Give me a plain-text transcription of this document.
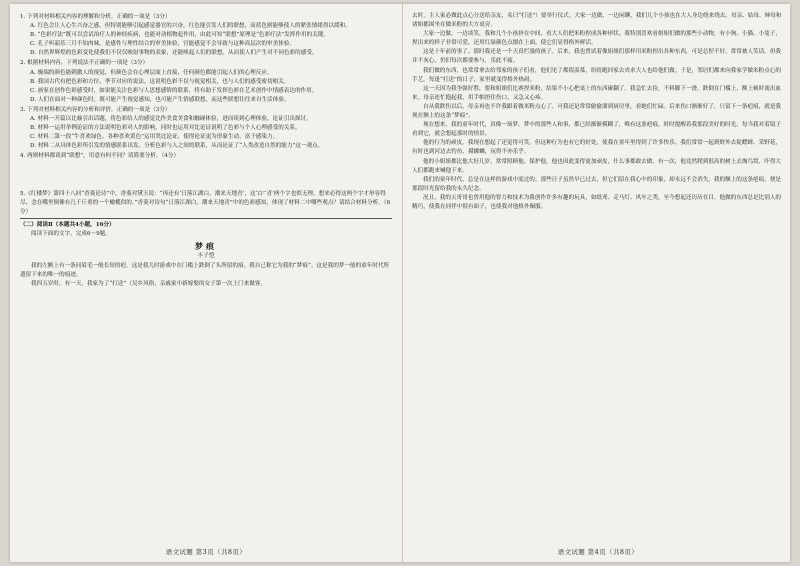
1. 下列对材料相关内容的理解和分析，正确的一项是（3分）

A. 红色会让人心生兴奋之感，但特别能够引起感觉器官的兴奋，红色能引发人们的联想，而蓝色则能够使人的紧张情绪得以缓和。

B. “色彩疗法”既可以尝试治疗人的神经疾病，也能对动植物起作用，由此可知“联想”原理是“色彩疗法”发挥作用的关键。

C. 孔子听韶乐三月不知肉味，是感性与理性结合的审美体验，官能感觉不会导致与这种高层次的审美体验。

D. 自然界辉煌的色彩变化使我们不仅仅映射事物的表象，还能唤起人们的联想，从而使人们产生对不同色彩的感受。

2. 根据材料内容，下列说法不正确的一项是（3分）

A. 极端的颜色能刺激人的视觉，但颜色会在心理层面上直接，任何颜色都能引起人们的心理反应。

B. 我国古代有把色彩和方位、季节对应的说法，这说明色彩不仅与视觉相关，也与人们的感受密切相关。

C. 画家在创作色彩感受时，如果能关注色彩与人思想感情的联系，将有助于发挥色彩在艺术创作中情感表达的作用。

D. 人们在面对一种颜色时，既可能产生视觉感知，也可能产生情感联想，而这些联想往往来自生活体验。

3. 下列对材料相关内容的分析和评价，正确的一项是（3分）

A. 材料一开篇以比喻引出话题，将色彩给人的感觉比作美食美食和触碰体验，进而谈到心理体验，论证引出探讨。

B. 材料一运用举例论证的方法说明色彩对人的影响，同时也运用对比论证说明了色彩与个人心理感受的关系。

C. 材料二第一段“牛喜欢绿色，各种喜欢黄色”运用类比论证，使得论证更为形象生动、富于感染力。

D. 材料二从具体色彩所引发的情感联系出发，分析色彩与人之间的联系，从而论证了“人类改造自然的能力”这一观点。

4. 两则材料都谈到“联想”，用意有何不同？请简要分析。（4分）

5.《红楼梦》第四十八回“香菱论诗”中，香菱对黛玉说：“再还有‘日落江湖白，潮来天地青’，这‘白’‘青’两个字也似无理。想来必得这两个字才形容得尽，念在嘴里倒像有几千斤重的一个橄榄似的。”香菱对诗句“日落江湖白，潮来天地青”中的色彩感知，体现了材料二中哪些观点？请结合材料分析。（6分）

（二）阅读Ⅱ（本题共4小题，16分）

阅读下面的文字，完成6～9题。

梦痕
丰子恺

我的左额上有一条同眉毛一般长短的疤。这是我儿时游戏中在门槛上跌倒了头所留的痕。我自己称它为我的“梦痕”。这是我的梦一般的童年时代所遗留下来的唯一的痕迹。

我四五岁时，有一天，我家为了“打送”（吴乡风俗，亲戚家中新嫁娶的女子第一次上门来做客，

语文试题 第3页（共8页）

去时，主人家必做此点心分送给亲友，名曰“打送”）要举行仪式。大家一边做，一边闲聊，我们几个小孩也在大人身边绕来绕去。母亲、姑母、婶母和诸姐都围坐在做米粉的大方桌旁。

大家一边做，一边谈笑，我和几个小孩挤在中间，看大人们把米粉捏成各种形状。我特别喜欢看姐姐们做的那些小动物，有小狗、小猫、小兔子，捏出来的样子非常可爱，还用红绿颜色点缀在上面，使它们显得格外鲜活。

这是十年前的事了。那时我还是一个天真烂漫的孩子。后来，我也曾试着像姐姐们那样用米粉捏出各种东西，可是总捏不好，常常被人笑话。但我并不灰心，仍旧每次都要参与，乐此不疲。

我们做的东西，也常常拿去给邻家的孩子们看，他们见了都很羡慕，纷纷跑回家去央求大人也给他们做。于是，邻居们都来向我家学做米粉点心的手艺。每逢“打送”的日子，家里就变得格外热闹。

这一天因为我争强好胜，要和姐姐们比赛捏米粉，结果不小心把桌上的东西碰翻了。我急忙去捡，不料脚下一滑，跌倒在门槛上，额上顿时流出血来。母亲连忙抱起我，用手帕捂住伤口，又急又心疼。

自从我跌伤以后，母亲再也不许我跟着做米粉点心了。可我还是常常偷偷溜到厨房里，看她们忙碌。后来伤口渐渐好了，只留下一条疤痕，就是我现在额上的这条“梦痕”。

现在想来，我的童年时代，真像一场梦。梦中的那些人和事，都已经渐渐模糊了，唯有这条疤痕，时时提醒着我那段美好的时光。每当我对着镜子看到它，就会想起那时的情景。

他的行为的顽皮，我现在想起了还觉得可笑。但这种行为也有它的好处，使我在童年里得到了许多快乐。我们常常一起到野外去捉蟋蟀、采野花，有时也到河边去钓鱼、摸螺蛳，玩得不亦乐乎。

他的小姐姐都比他大好几岁，常常照顾他、保护他，他也因此变得更加顽皮，什么事都敢去做。有一次，他竟然爬到很高的树上去掏鸟窝，吓得大人们都跑来喊他下来。

我们的童年时代，总是在这样的游戏中度过的。那些日子虽然早已过去，但它们留在我心中的印象，却永远不会消失。我的额上的这条疤痕，便是那段时光留给我的永久纪念。

况且，我的五哥哥也曾用他的智力和技术为我创作许多有趣的玩具，如纸鸢、走马灯、风车之类，至今想起还历历在目。他做的东西总是比别人的精巧，使我在同伴中很有面子，也使我对他格外佩服。

语文试题 第4页（共8页）
